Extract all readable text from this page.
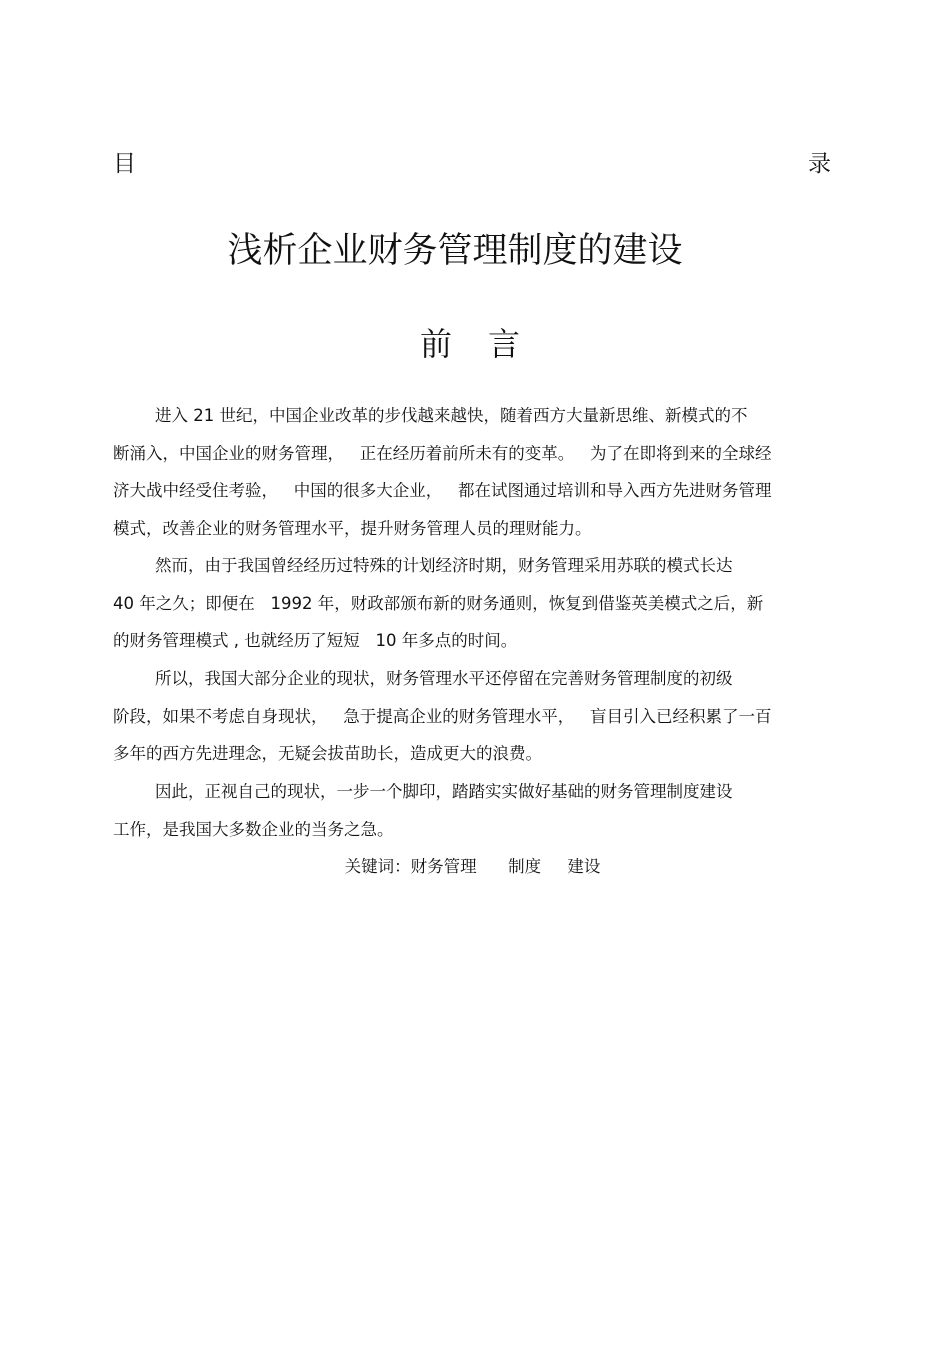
目	录
浅析企业财务管理制度的建设
前言
进入 21 世纪，中国企业改革的步伐越来越快，随着西方大量新思维、新模式的不
断涌入，中国企业的财务管理，   正在经历着前所未有的变革。   为了在即将到来的全球经
济大战中经受住考验，   中国的很多大企业，   都在试图通过培训和导入西方先进财务管理
模式，改善企业的财务管理水平，提升财务管理人员的理财能力。
然而，由于我国曾经经历过特殊的计划经济时期，财务管理采用苏联的模式长达
40 年之久；即便在   1992 年，财政部颁布新的财务通则，恢复到借鉴英美模式之后，新
的财务管理模式 , 也就经历了短短   10 年多点的时间。
所以，我国大部分企业的现状，财务管理水平还停留在完善财务管理制度的初级
阶段，如果不考虑自身现状，   急于提高企业的财务管理水平，   盲目引入已经积累了一百
多年的西方先进理念，无疑会拔苗助长，造成更大的浪费。
因此，正视自己的现状，一步一个脚印，踏踏实实做好基础的财务管理制度建设
工作，是我国大多数企业的当务之急。
关键词：财务管理      制度     建设
